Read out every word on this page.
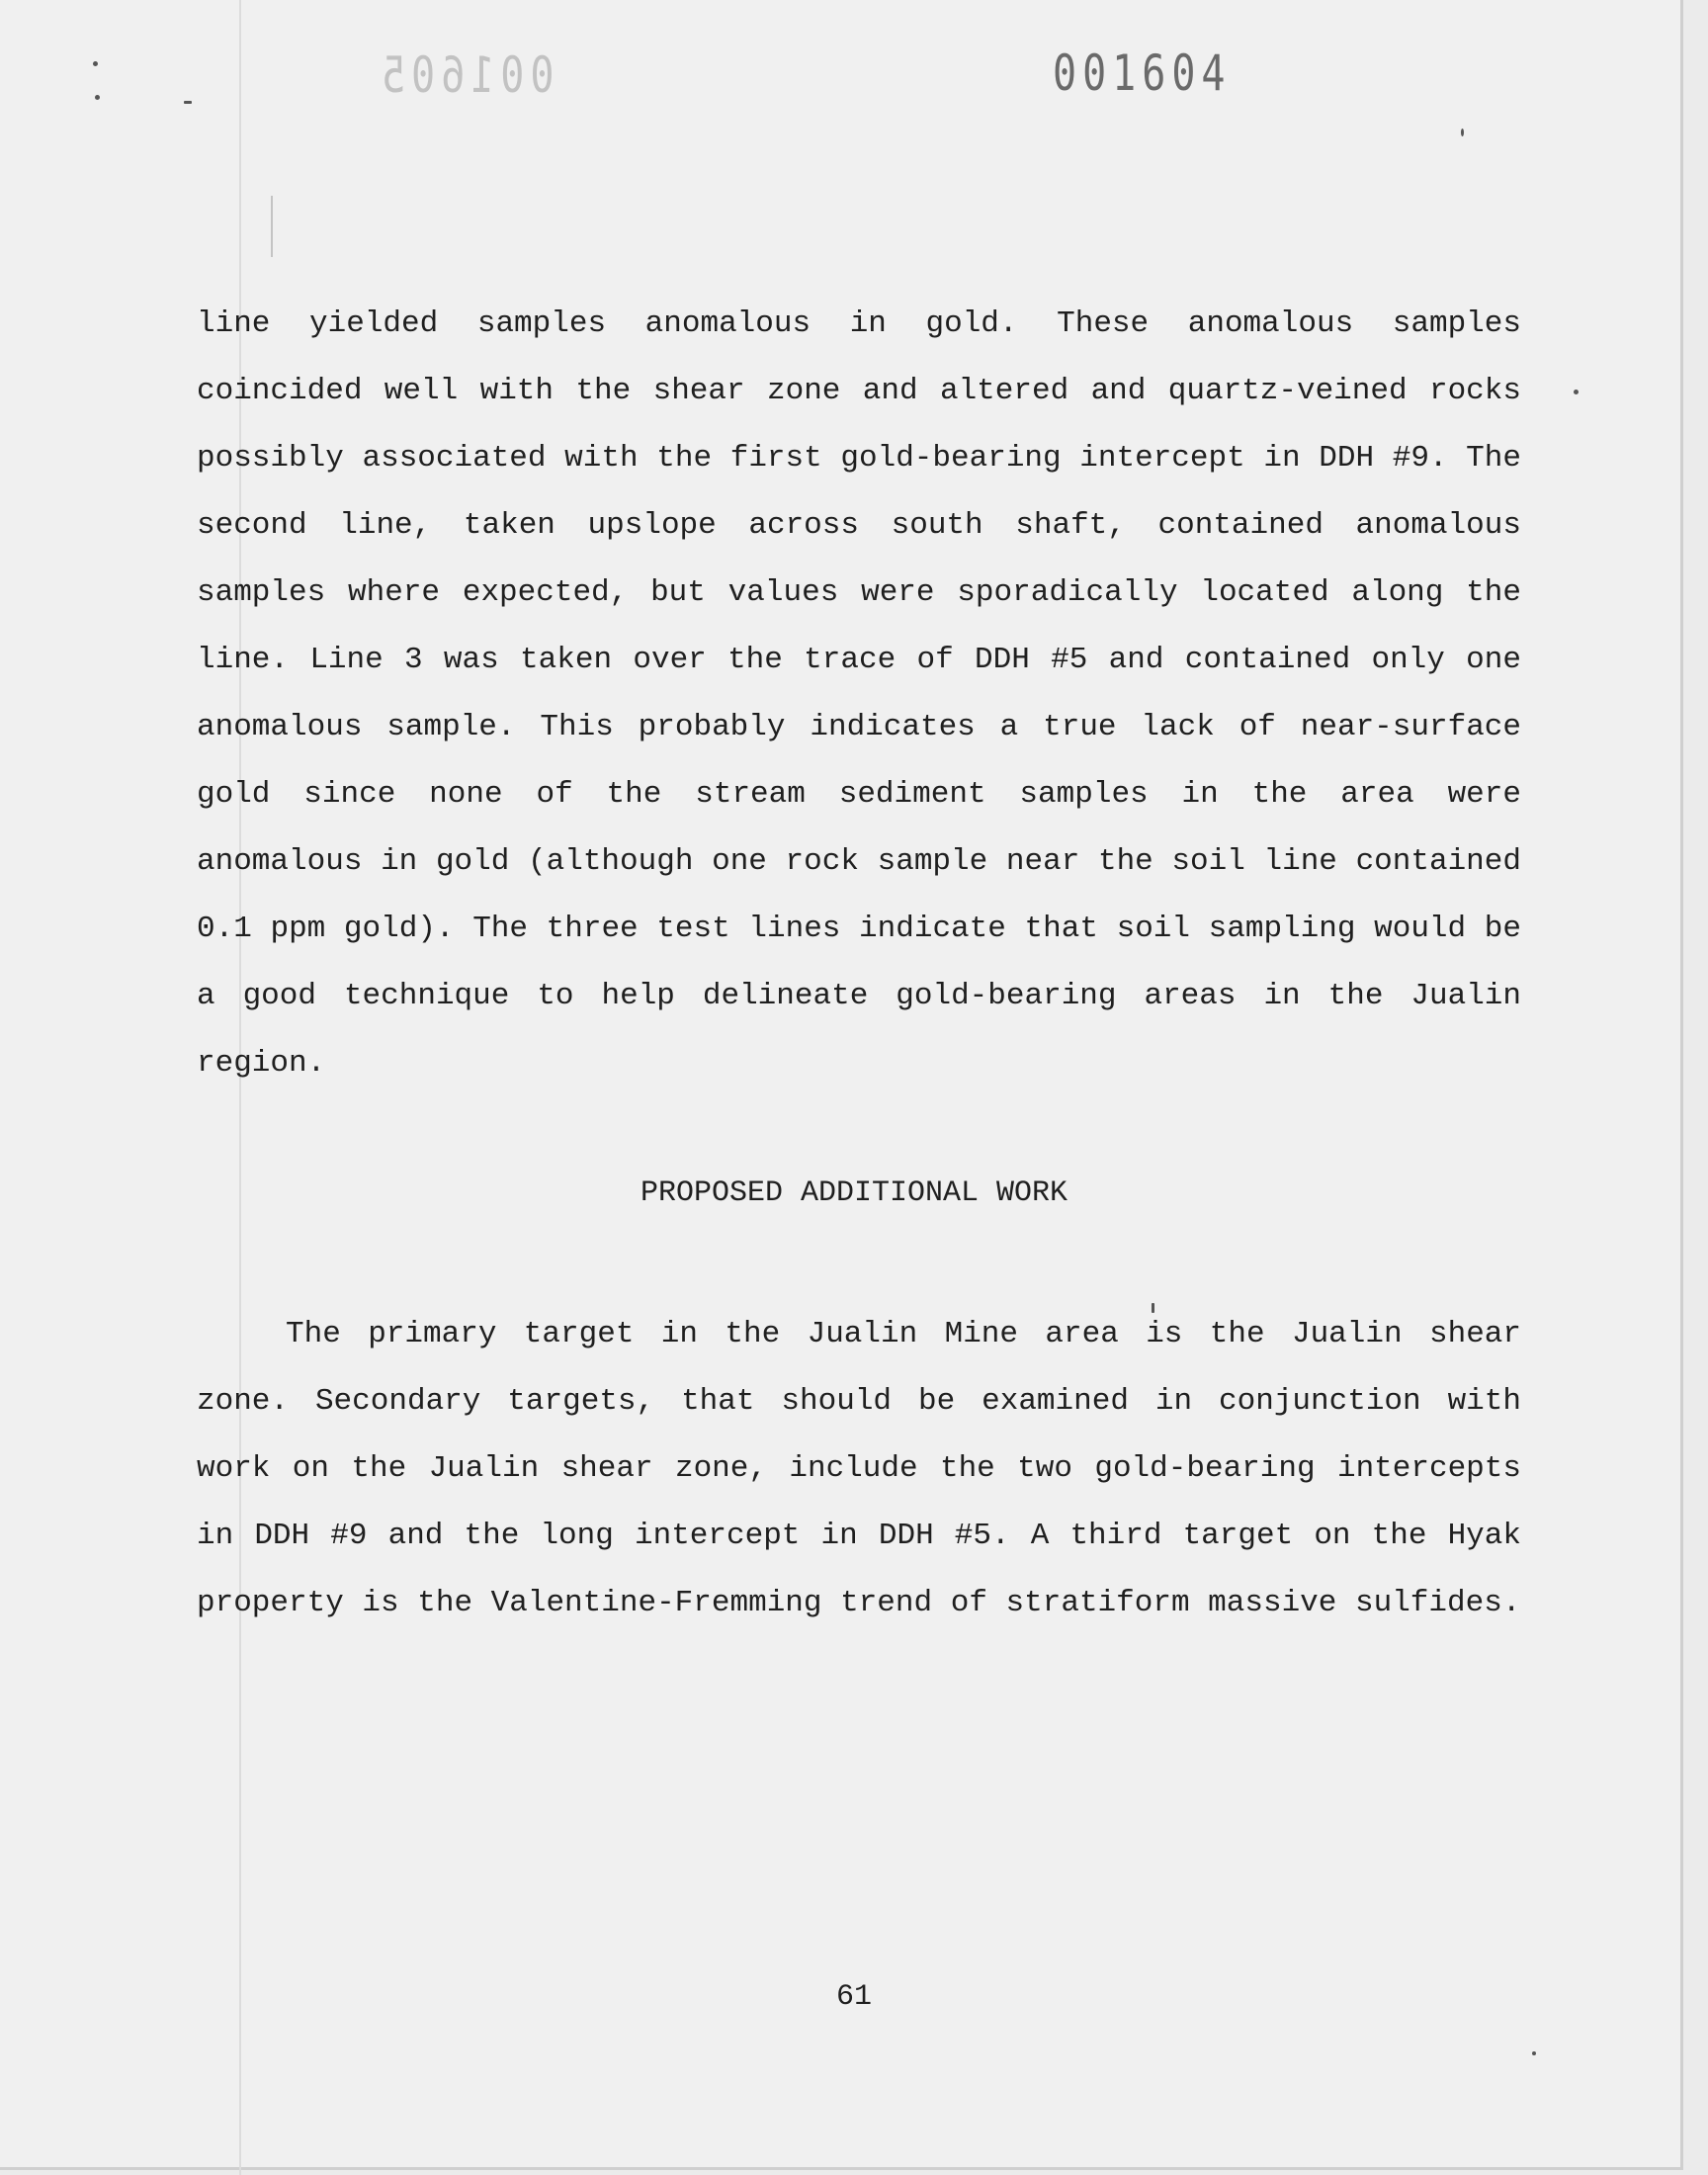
001605	001604

line yielded samples anomalous in gold. These anomalous samples coincided well with the shear zone and altered and quartz-veined rocks possibly associated with the first gold-bearing intercept in DDH #9. The second line, taken upslope across south shaft, contained anomalous samples where expected, but values were sporadically located along the line. Line 3 was taken over the trace of DDH #5 and contained only one anomalous sample. This probably indicates a true lack of near-surface gold since none of the stream sediment samples in the area were anomalous in gold (although one rock sample near the soil line contained 0.1 ppm gold). The three test lines indicate that soil sampling would be a good technique to help delineate gold-bearing areas in the Jualin region.

PROPOSED ADDITIONAL WORK

The primary target in the Jualin Mine area is the Jualin shear zone. Secondary targets, that should be examined in conjunction with work on the Jualin shear zone, include the two gold-bearing intercepts in DDH #9 and the long intercept in DDH #5. A third target on the Hyak property is the Valentine-Fremming trend of stratiform massive sulfides.

61
